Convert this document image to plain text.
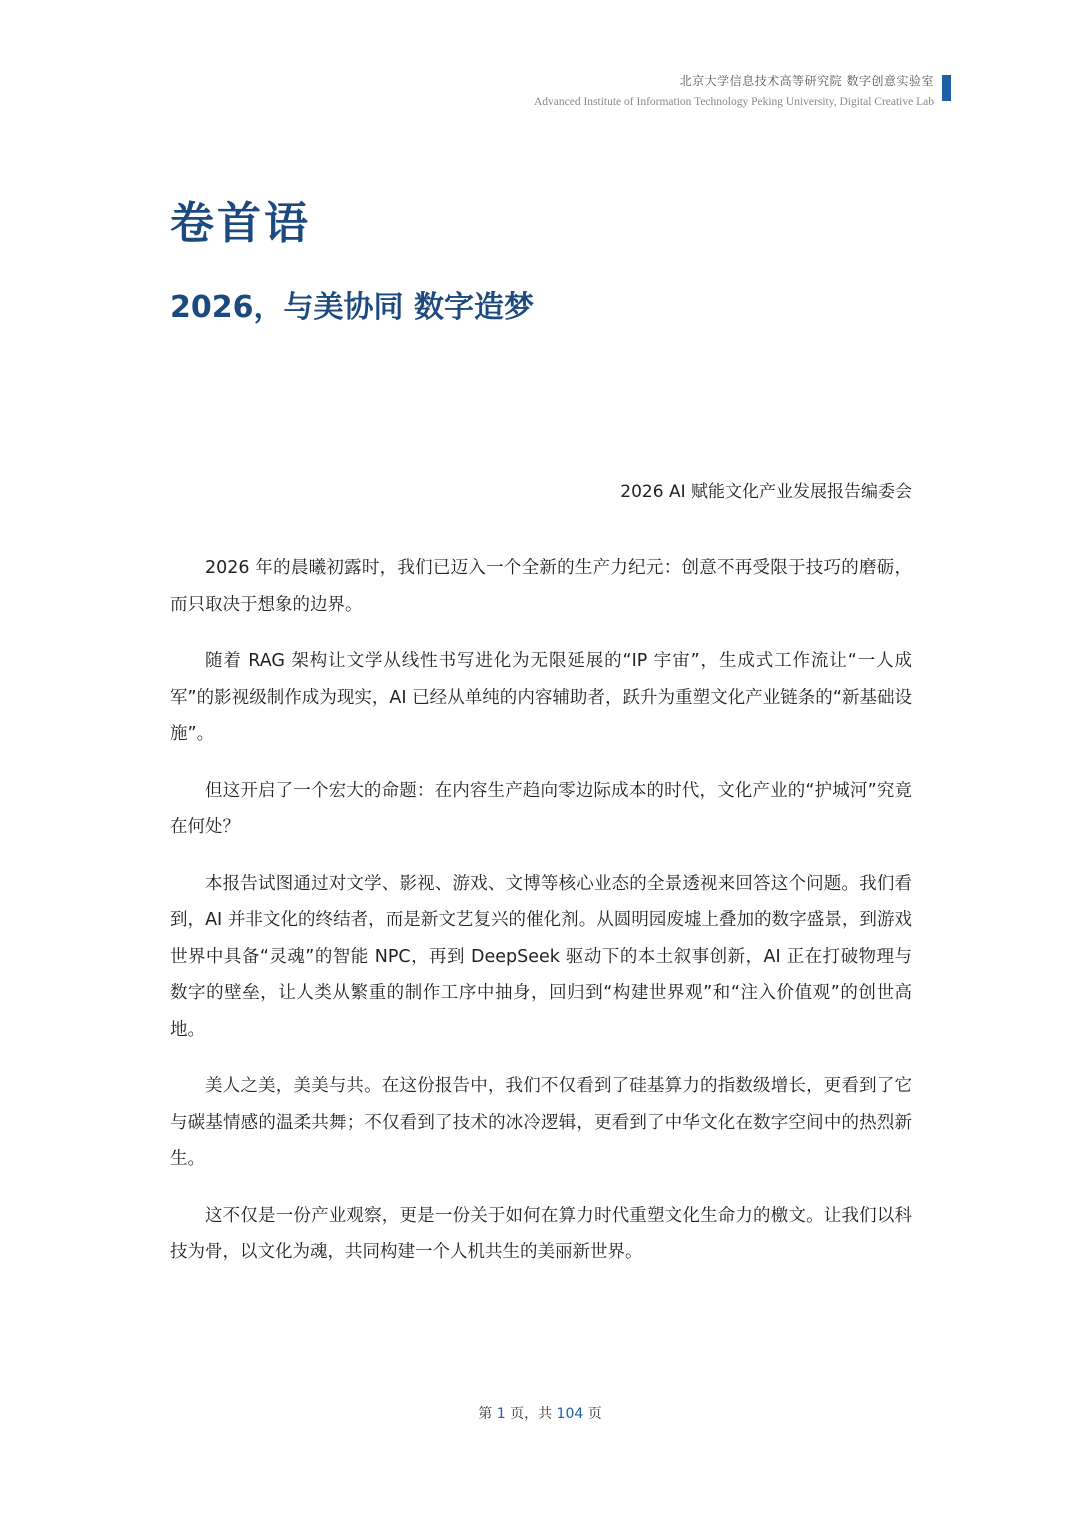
北京大学信息技术高等研究院 数字创意实验室
Advanced Institute of Information Technology Peking University, Digital Creative Lab
卷首语
2026，与美协同 数字造梦
2026 AI 赋能文化产业发展报告编委会

2026 年的晨曦初露时，我们已迈入一个全新的生产力纪元：创意不再受限于技巧的磨砺，而只取决于想象的边界。

随着 RAG 架构让文学从线性书写进化为无限延展的“IP 宇宙”，生成式工作流让“一人成军”的影视级制作成为现实，AI 已经从单纯的内容辅助者，跃升为重塑文化产业链条的“新基础设施”。

但这开启了一个宏大的命题：在内容生产趋向零边际成本的时代，文化产业的“护城河”究竟在何处？

本报告试图通过对文学、影视、游戏、文博等核心业态的全景透视来回答这个问题。我们看到，AI 并非文化的终结者，而是新文艺复兴的催化剂。从圆明园废墟上叠加的数字盛景，到游戏世界中具备“灵魂”的智能 NPC，再到 DeepSeek 驱动下的本土叙事创新，AI 正在打破物理与数字的壁垒，让人类从繁重的制作工序中抽身，回归到“构建世界观”和“注入价值观”的创世高地。

美人之美，美美与共。在这份报告中，我们不仅看到了硅基算力的指数级增长，更看到了它与碳基情感的温柔共舞；不仅看到了技术的冰冷逻辑，更看到了中华文化在数字空间中的热烈新生。

这不仅是一份产业观察，更是一份关于如何在算力时代重塑文化生命力的檄文。让我们以科技为骨，以文化为魂，共同构建一个人机共生的美丽新世界。

第 1 页，共 104 页
